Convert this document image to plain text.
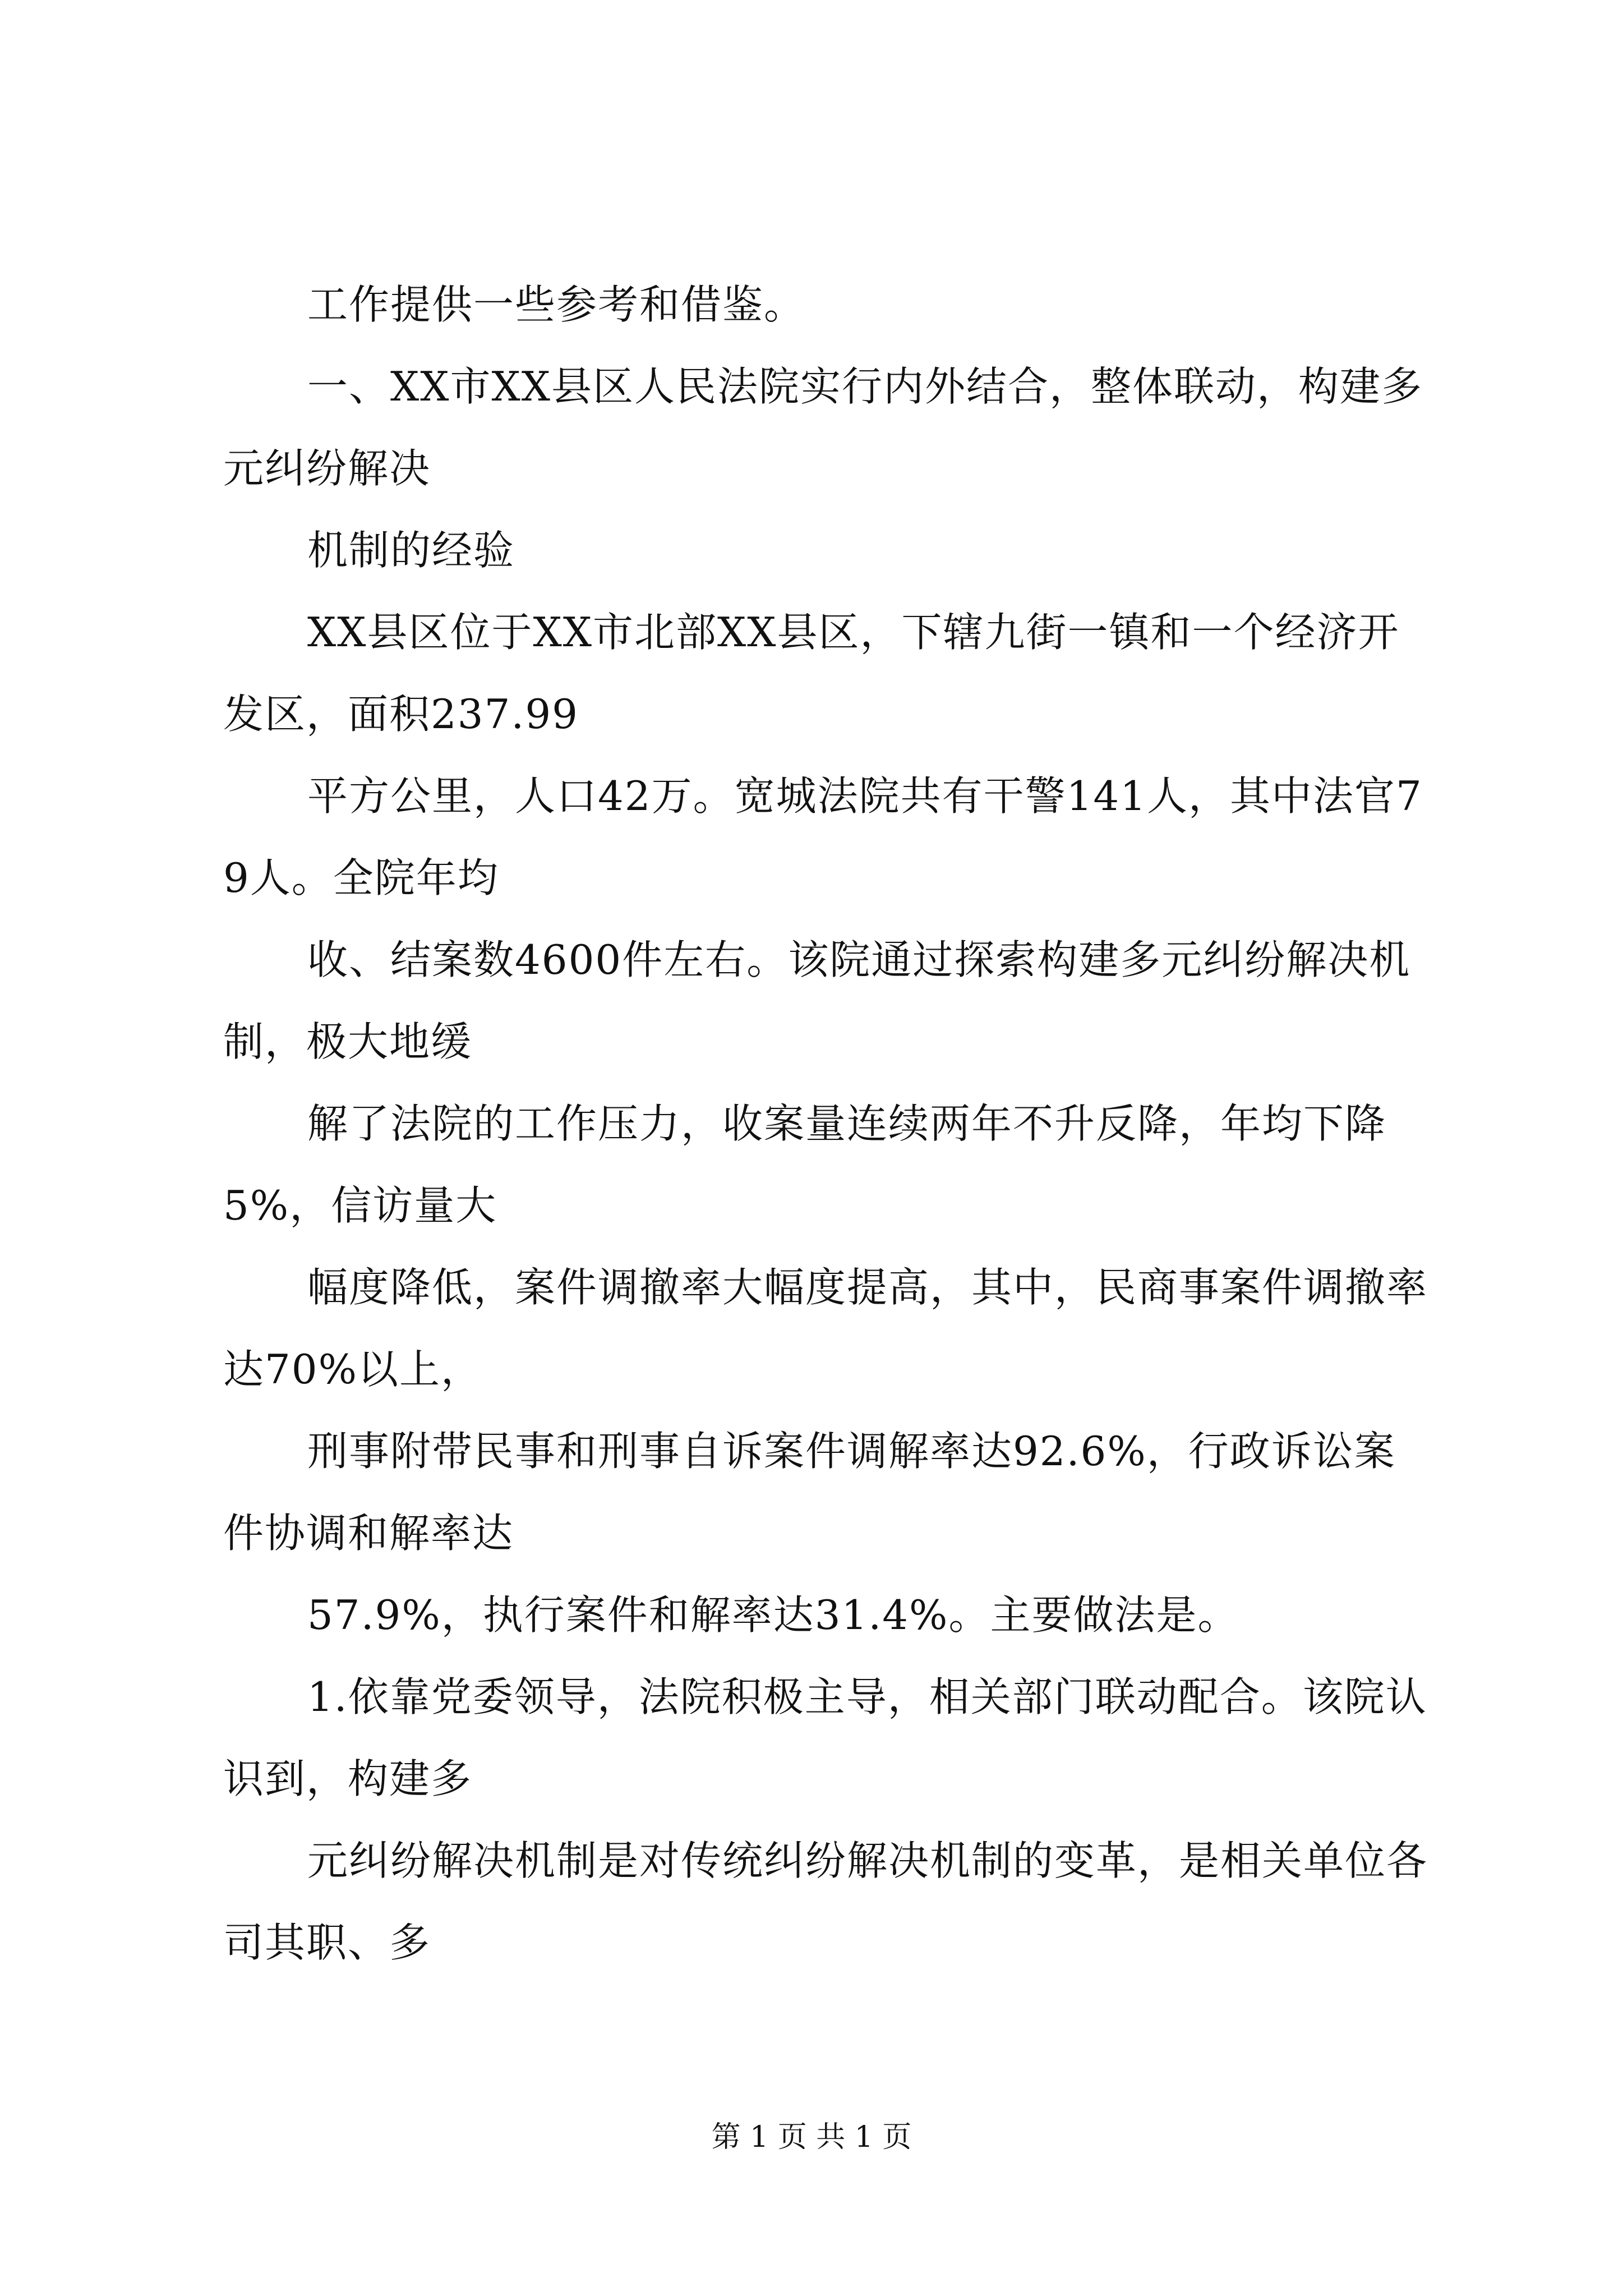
工作提供一些参考和借鉴。

一、XX市XX县区人民法院实行内外结合，整体联动，构建多元纠纷解决

机制的经验

XX县区位于XX市北部XX县区，下辖九街一镇和一个经济开发区，面积237.99

平方公里，人口42万。宽城法院共有干警141人，其中法官79人。全院年均

收、结案数4600件左右。该院通过探索构建多元纠纷解决机制，极大地缓

解了法院的工作压力，收案量连续两年不升反降，年均下降5%，信访量大

幅度降低，案件调撤率大幅度提高，其中，民商事案件调撤率达70%以上，

刑事附带民事和刑事自诉案件调解率达92.6%，行政诉讼案件协调和解率达

57.9%，执行案件和解率达31.4%。主要做法是。

1.依靠党委领导，法院积极主导，相关部门联动配合。该院认识到，构建多

元纠纷解决机制是对传统纠纷解决机制的变革，是相关单位各司其职、多

第 1 页 共 1 页
